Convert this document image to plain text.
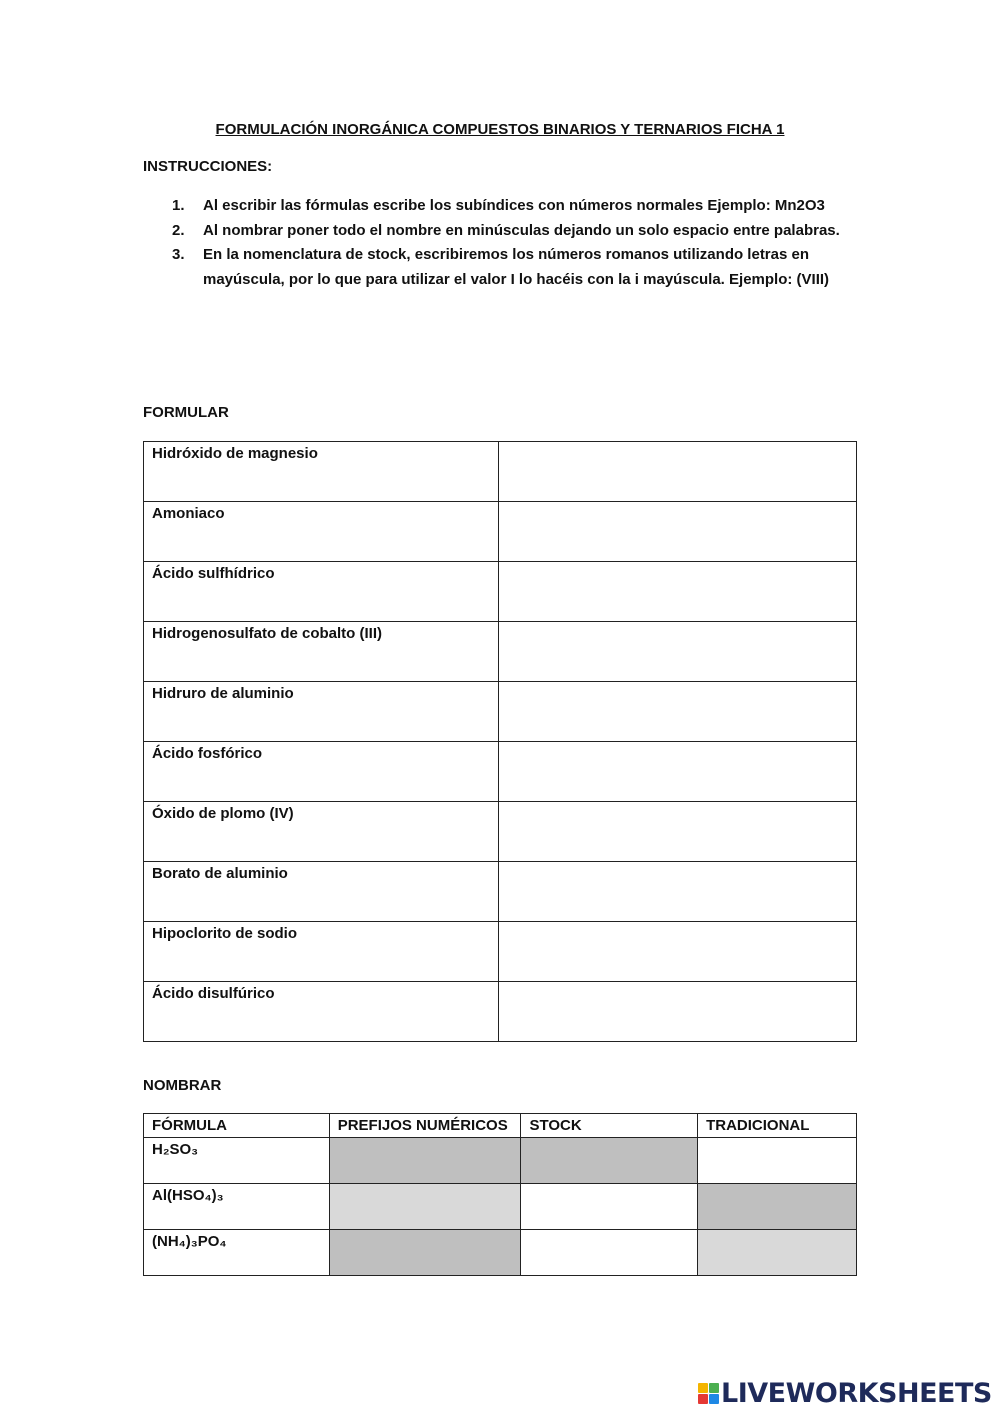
FORMULACIÓN INORGÁNICA COMPUESTOS BINARIOS Y TERNARIOS FICHA 1
INSTRUCCIONES:
1. Al escribir las fórmulas escribe los subíndices con números normales Ejemplo: Mn2O3
2. Al nombrar poner todo el nombre en minúsculas dejando un solo espacio entre palabras.
3. En la nomenclatura de stock, escribiremos los números romanos utilizando letras en mayúscula, por lo que para utilizar el valor I lo hacéis con la i mayúscula. Ejemplo: (VIII)
FORMULAR
Hidróxido de magnesio	
Amoniaco	
Ácido sulfhídrico	
Hidrogenosulfato de cobalto (III)	
Hidruro de aluminio	
Ácido fosfórico	
Óxido de plomo (IV)	
Borato de aluminio	
Hipoclorito de sodio	
Ácido disulfúrico	
NOMBRAR
FÓRMULA	PREFIJOS NUMÉRICOS	STOCK	TRADICIONAL
H₂SO₃			
Al(HSO₄)₃			
(NH₄)₃PO₄			
LIVEWORKSHEETS
